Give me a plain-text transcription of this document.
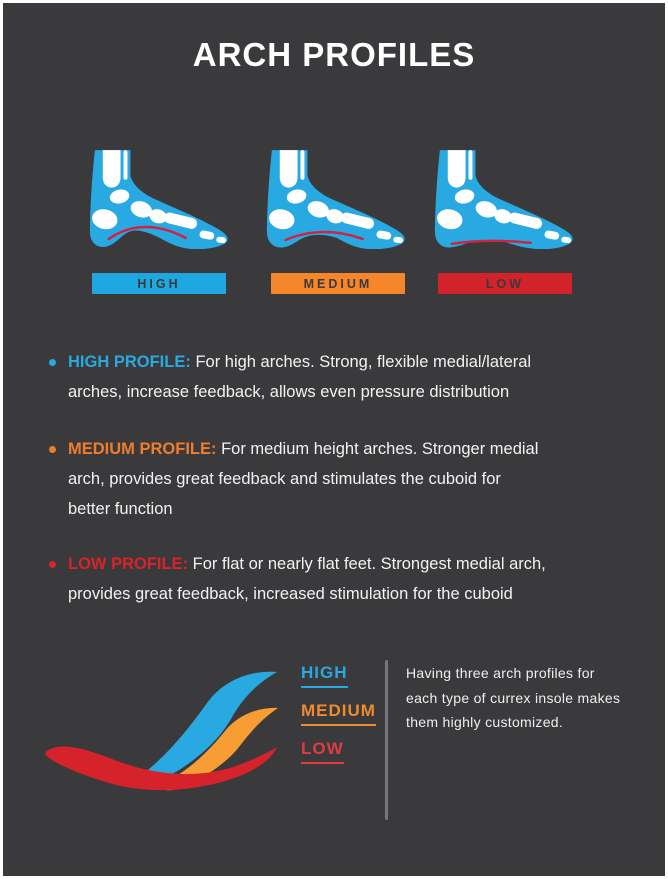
ARCH PROFILES
HIGH	MEDIUM	LOW
HIGH PROFILE: For high arches. Strong, flexible medial/lateral
arches, increase feedback, allows even pressure distribution
MEDIUM PROFILE: For medium height arches. Stronger medial
arch, provides great feedback and stimulates the cuboid for
better function
LOW PROFILE: For flat or nearly flat feet. Strongest medial arch,
provides great feedback, increased stimulation for the cuboid
HIGH
MEDIUM
LOW
Having three arch profiles for
each type of currex insole makes
them highly customized.
